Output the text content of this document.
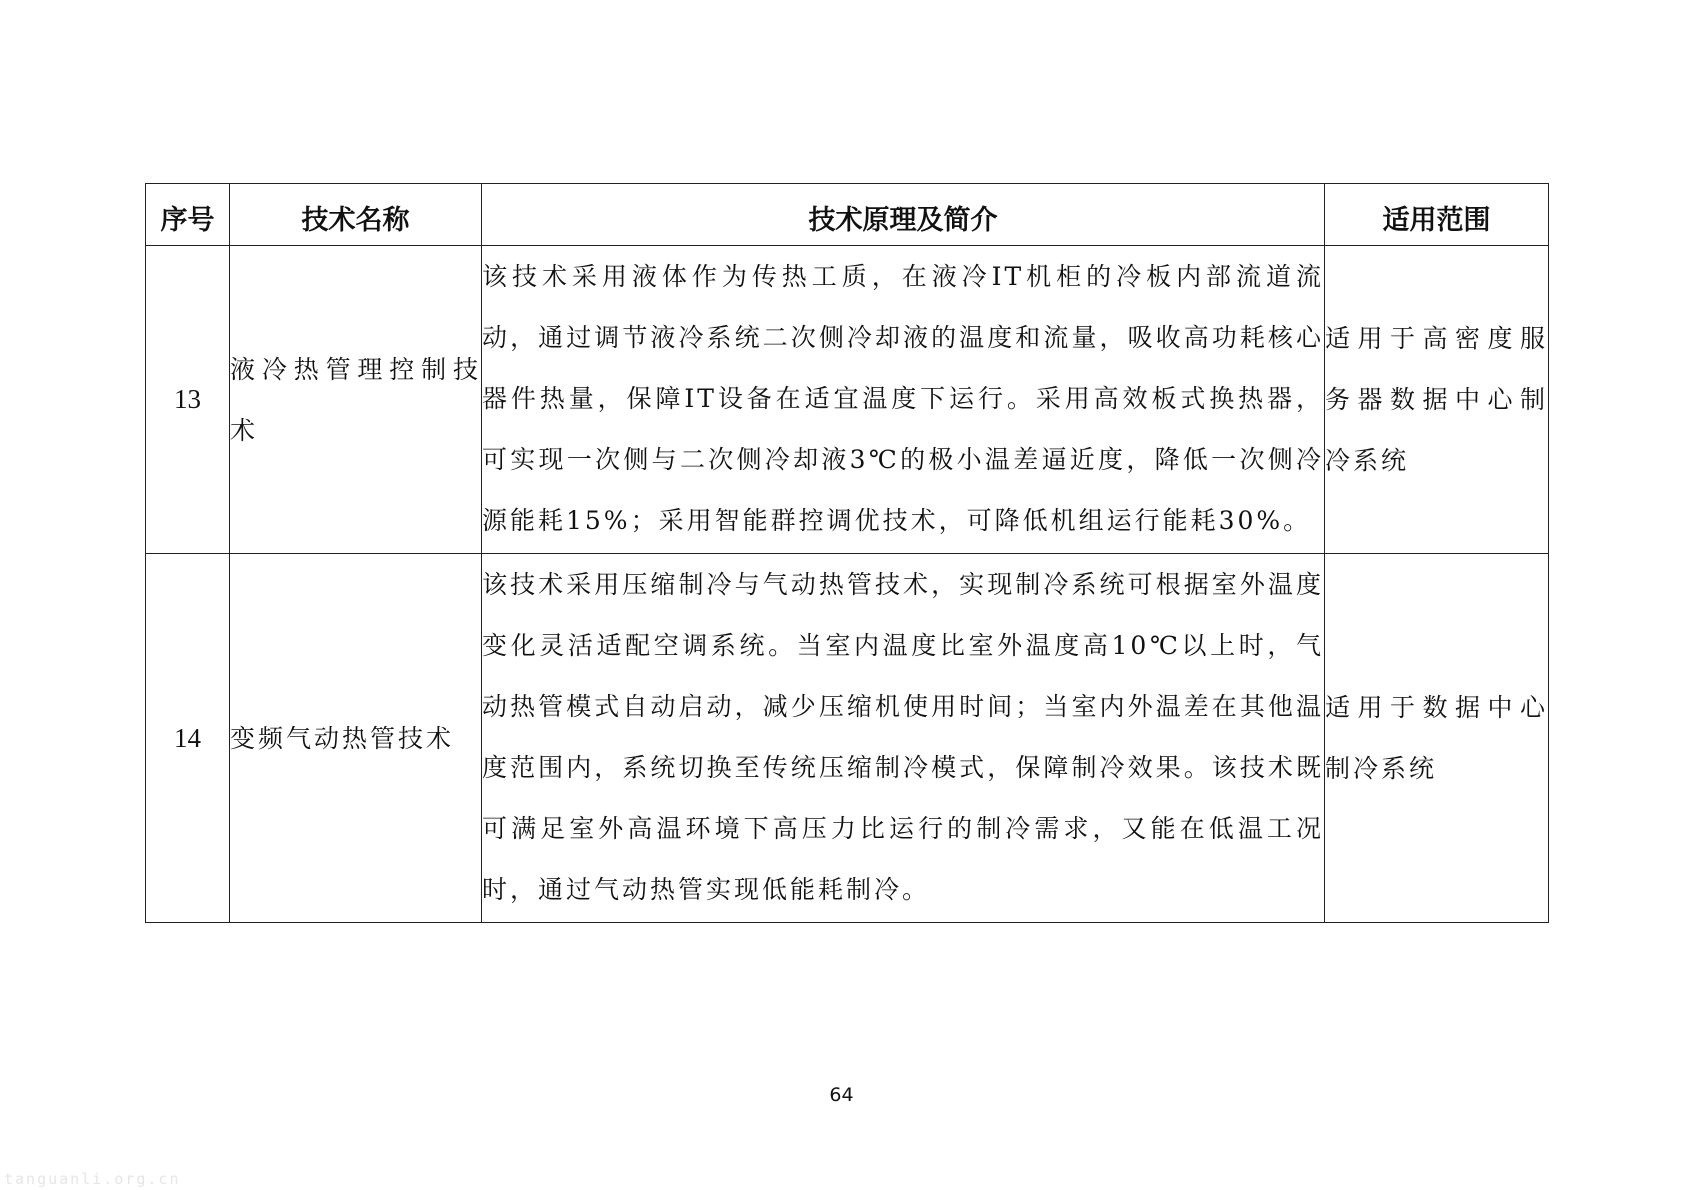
序号	技术名称	技术原理及简介	适用范围
13	液冷热管理控制技术	该技术采用液体作为传热工质，在液冷IT机柜的冷板内部流道流动，通过调节液冷系统二次侧冷却液的温度和流量，吸收高功耗核心器件热量，保障IT设备在适宜温度下运行。采用高效板式换热器，可实现一次侧与二次侧冷却液3℃的极小温差逼近度，降低一次侧冷源能耗15%；采用智能群控调优技术，可降低机组运行能耗30%。	适用于高密度服务器数据中心制冷系统
14	变频气动热管技术	该技术采用压缩制冷与气动热管技术，实现制冷系统可根据室外温度变化灵活适配空调系统。当室内温度比室外温度高10℃以上时，气动热管模式自动启动，减少压缩机使用时间；当室内外温差在其他温度范围内，系统切换至传统压缩制冷模式，保障制冷效果。该技术既可满足室外高温环境下高压力比运行的制冷需求，又能在低温工况时，通过气动热管实现低能耗制冷。	适用于数据中心制冷系统
64
tanguanli.org.cn
